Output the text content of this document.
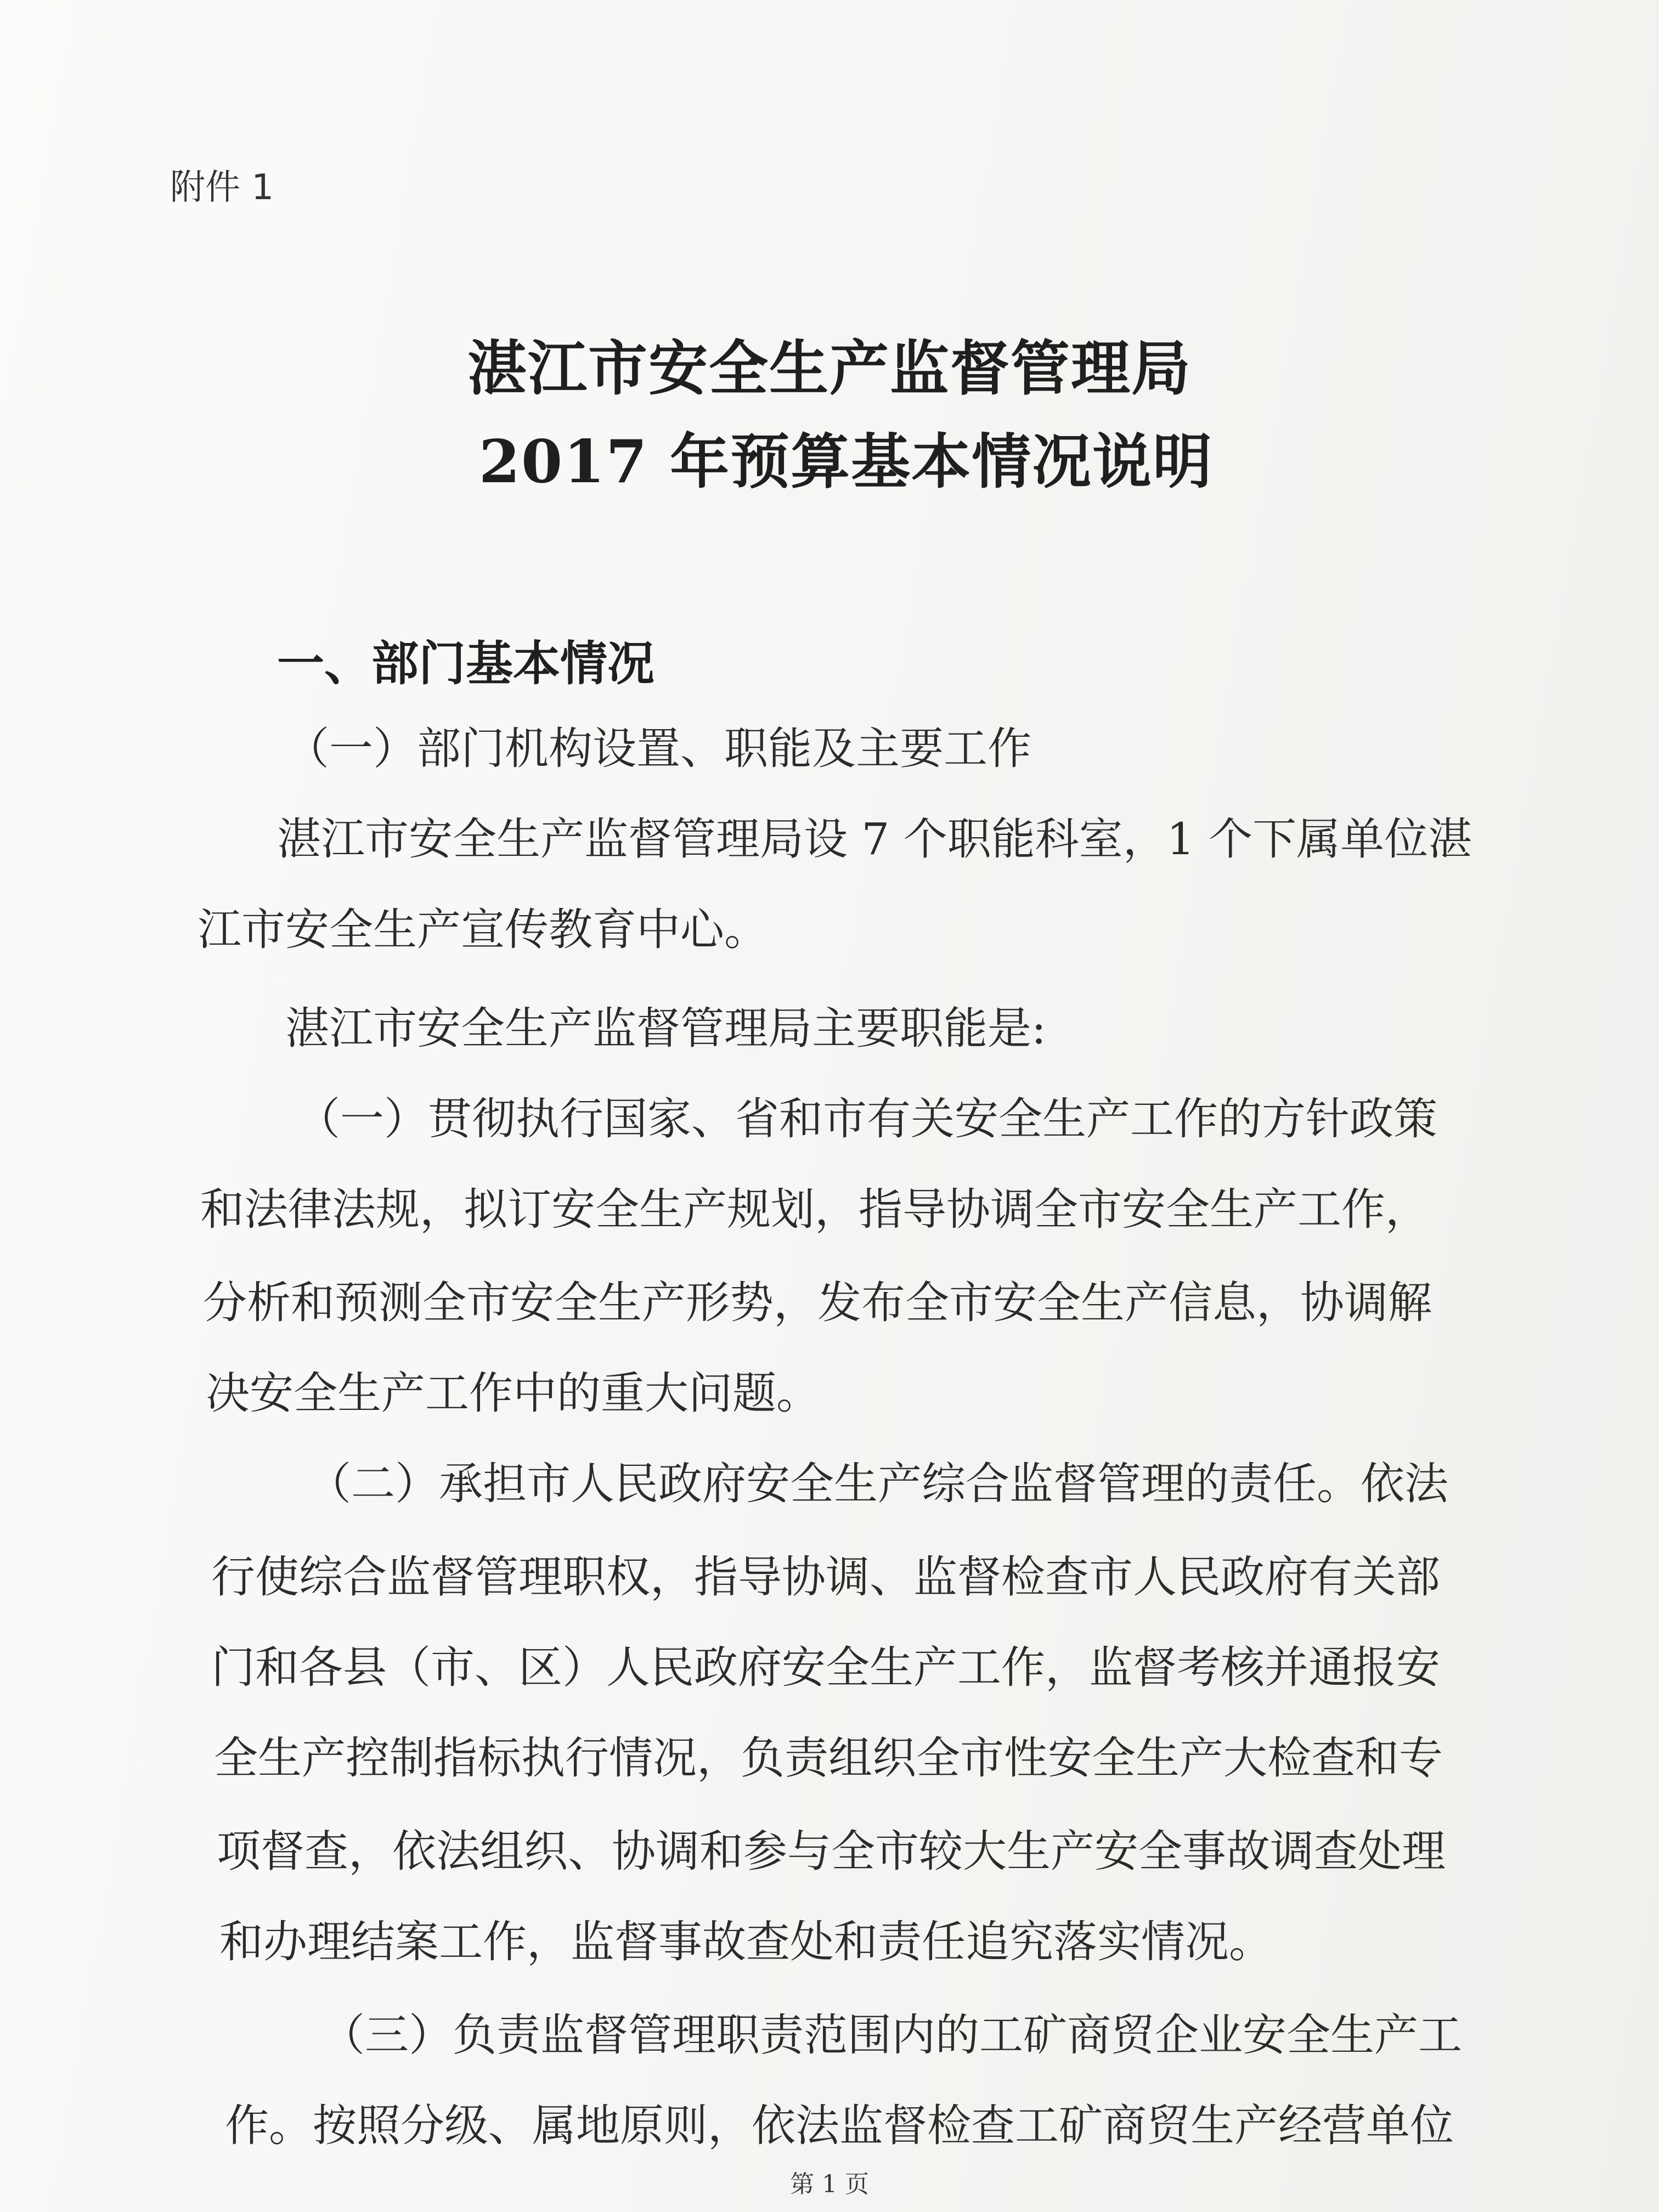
附件 1
湛江市安全生产监督管理局
2017 年预算基本情况说明
一、部门基本情况
（一）部门机构设置、职能及主要工作
湛江市安全生产监督管理局设 7 个职能科室，1 个下属单位湛
江市安全生产宣传教育中心。
湛江市安全生产监督管理局主要职能是:
（一）贯彻执行国家、省和市有关安全生产工作的方针政策
和法律法规，拟订安全生产规划，指导协调全市安全生产工作，
分析和预测全市安全生产形势，发布全市安全生产信息，协调解
决安全生产工作中的重大问题。
（二）承担市人民政府安全生产综合监督管理的责任。依法
行使综合监督管理职权，指导协调、监督检查市人民政府有关部
门和各县（市、区）人民政府安全生产工作，监督考核并通报安
全生产控制指标执行情况，负责组织全市性安全生产大检查和专
项督查，依法组织、协调和参与全市较大生产安全事故调查处理
和办理结案工作，监督事故查处和责任追究落实情况。
（三）负责监督管理职责范围内的工矿商贸企业安全生产工
作。按照分级、属地原则，依法监督检查工矿商贸生产经营单位
第 1 页
